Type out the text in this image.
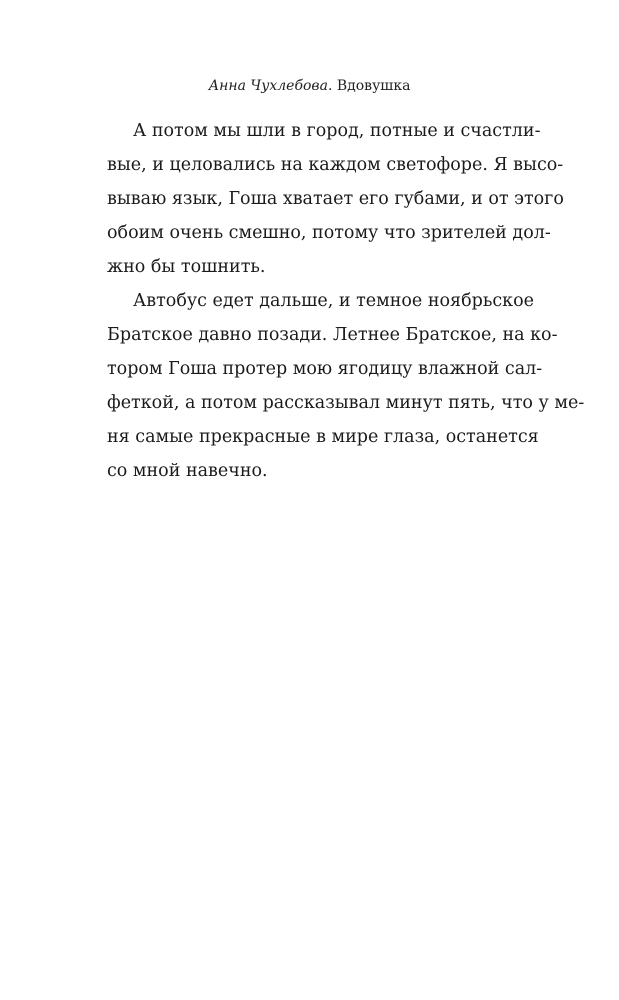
Анна Чухлебова. Вдовушка
А потом мы шли в город, потные и счастли-
вые, и целовались на каждом светофоре. Я высо-
вываю язык, Гоша хватает его губами, и от этого
обоим очень смешно, потому что зрителей дол-
жно бы тошнить.
Автобус едет дальше, и темное ноябрьское
Братское давно позади. Летнее Братское, на ко-
тором Гоша протер мою ягодицу влажной сал-
феткой, а потом рассказывал минут пять, что у ме-
ня самые прекрасные в мире глаза, останется
со мной навечно.
